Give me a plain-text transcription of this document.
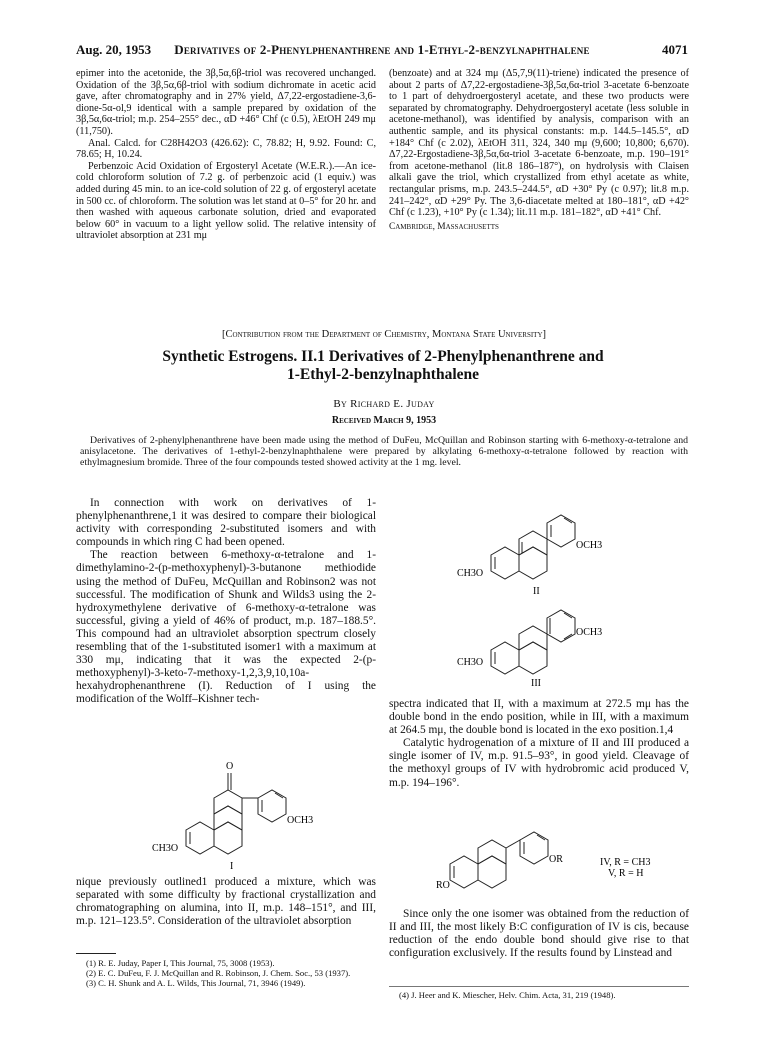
Aug. 20, 1953	Derivatives of 2-Phenylphenanthrene and 1-Ethyl-2-benzylnaphthalene	4071

epimer into the acetonide, the 3β,5α,6β-triol was recovered unchanged. Oxidation of the 3β,5α,6β-triol with sodium dichromate in acetic acid gave, after chromatography and in 27% yield, Δ7,22-ergostadiene-3,6-dione-5α-ol,9 identical with a sample prepared by oxidation of the 3β,5α,6α-triol; m.p. 254–255° dec., αD +46° Chf (c 0.5), λEtOH 249 mμ (11,750).

Anal. Calcd. for C28H42O3 (426.62): C, 78.82; H, 9.92. Found: C, 78.65; H, 10.24.

Perbenzoic Acid Oxidation of Ergosteryl Acetate (W.E.R.).—An ice-cold chloroform solution of 7.2 g. of perbenzoic acid (1 equiv.) was added during 45 min. to an ice-cold solution of 22 g. of ergosteryl acetate in 500 cc. of chloroform. The solution was let stand at 0–5° for 20 hr. and then washed with aqueous carbonate solution, dried and evaporated below 60° in vacuum to a light yellow solid. The relative intensity of ultraviolet absorption at 231 mμ

(benzoate) and at 324 mμ (Δ5,7,9(11)-triene) indicated the presence of about 2 parts of Δ7,22-ergostadiene-3β,5α,6α-triol 3-acetate 6-benzoate to 1 part of dehydroergosteryl acetate, and these two products were separated by chromatography. Dehydroergosteryl acetate (less soluble in acetone-methanol), was identified by analysis, comparison with an authentic sample, and its physical constants: m.p. 144.5–145.5°, αD +184° Chf (c 2.02), λEtOH 311, 324, 340 mμ (9,600; 10,800; 6,670). Δ7,22-Ergostadiene-3β,5α,6α-triol 3-acetate 6-benzoate, m.p. 190–191° from acetone-methanol (lit.8 186–187°), on hydrolysis with Claisen alkali gave the triol, which crystallized from ethyl acetate as white, rectangular prisms, m.p. 243.5–244.5°, αD +30° Py (c 0.97); lit.8 m.p. 241–242°, αD +29° Py. The 3,6-diacetate melted at 180–181°, αD +42° Chf (c 1.23), +10° Py (c 1.34); lit.11 m.p. 181–182°, αD +41° Chf.

Cambridge, Massachusetts

[Contribution from the Department of Chemistry, Montana State University]
Synthetic Estrogens. II.1 Derivatives of 2-Phenylphenanthrene and
1-Ethyl-2-benzylnaphthalene
By Richard E. Juday
Received March 9, 1953
Derivatives of 2-phenylphenanthrene have been made using the method of DuFeu, McQuillan and Robinson starting with 6-methoxy-α-tetralone and anisylacetone. The derivatives of 1-ethyl-2-benzylnaphthalene were prepared by alkylating 6-methoxy-α-tetralone followed by reaction with ethylmagnesium bromide. Three of the four compounds tested showed activity at the 1 mg. level.

In connection with work on derivatives of 1-phenylphenanthrene,1 it was desired to compare their biological activity with corresponding 2-substituted isomers and with compounds in which ring C had been opened.

The reaction between 6-methoxy-α-tetralone and 1-dimethylamino-2-(p-methoxyphenyl)-3-butanone methiodide using the method of DuFeu, McQuillan and Robinson2 was not successful. The modification of Shunk and Wilds3 using the 2-hydroxymethylene derivative of 6-methoxy-α-tetralone was successful, giving a yield of 46% of product, m.p. 187–188.5°. This compound had an ultraviolet absorption spectrum closely resembling that of the 1-substituted isomer1 with a maximum at 330 mμ, indicating that it was the expected 2-(p-methoxyphenyl)-3-keto-7-methoxy-1,2,3,9,10,10a-hexahydrophenanthrene (I). Reduction of I using the modification of the Wolff–Kishner tech-

O
OCH3
CH3O
I

nique previously outlined1 produced a mixture, which was separated with some difficulty by fractional crystallization and chromatographing on alumina, into II, m.p. 148–151°, and III, m.p. 121–123.5°. Consideration of the ultraviolet absorption

(1) R. E. Juday, Paper I, This Journal, 75, 3008 (1953).

(2) E. C. DuFeu, F. J. McQuillan and R. Robinson, J. Chem. Soc., 53 (1937).

(3) C. H. Shunk and A. L. Wilds, This Journal, 71, 3946 (1949).

OCH3
CH3O
II
OCH3
CH3O
III

spectra indicated that II, with a maximum at 272.5 mμ has the double bond in the endo position, while in III, with a maximum at 264.5 mμ, the double bond is located in the exo position.1,4

Catalytic hydrogenation of a mixture of II and III produced a single isomer of IV, m.p. 91.5–93°, in good yield. Cleavage of the methoxyl groups of IV with hydrobromic acid produced V, m.p. 194–196°.

OR
RO
IV, R = CH3
V, R = H

Since only the one isomer was obtained from the reduction of II and III, the most likely B:C configuration of IV is cis, because reduction of the endo double bond should give rise to that configuration exclusively. If the results found by Linstead and

(4) J. Heer and K. Miescher, Helv. Chim. Acta, 31, 219 (1948).
